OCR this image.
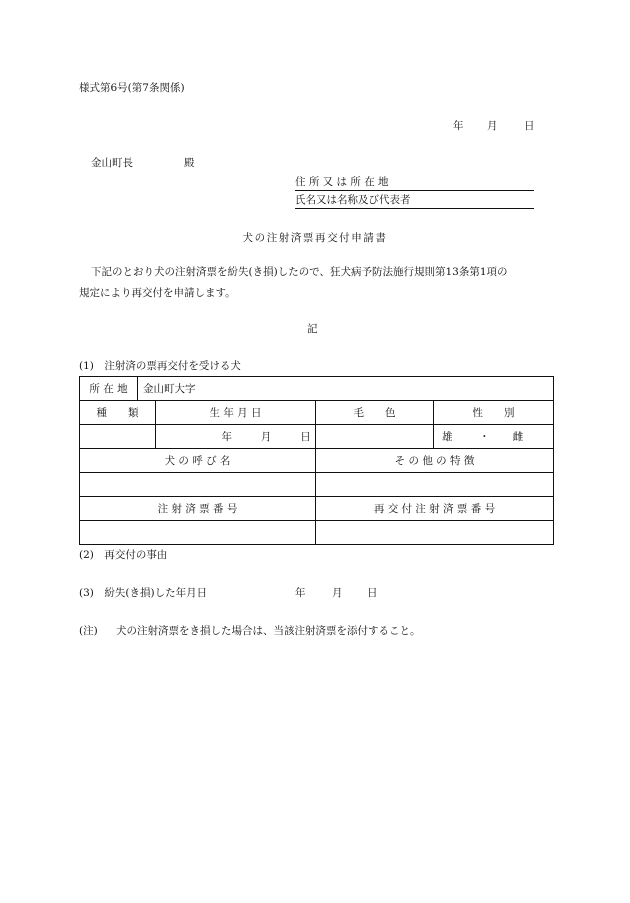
様式第6号(第7条関係)
年 月	日
金山町長	殿
住 所 又 は 所 在 地
氏名又は名称及び代表者
犬の注射済票再交付申請書
下記のとおり犬の注射済票を紛失(き損)したので、狂犬病予防法施行規則第13条第1項の
規定により再交付を申請します。
記
(1)　注射済の票再交付を受ける犬
所 在 地	金山町大字			
種　　類		生 年 月 日	毛　　色	性　　別
		年 月 日		雄 ・ 雌
犬 の 呼 び 名			そ の 他 の 特 徴	

注 射 済 票 番 号			再 交 付 注 射 済 票 番 号	

(2)　再交付の事由
(3)　紛失(き損)した年月日	年	月 日
(注) 犬の注射済票をき損した場合は、当該注射済票を添付すること。
